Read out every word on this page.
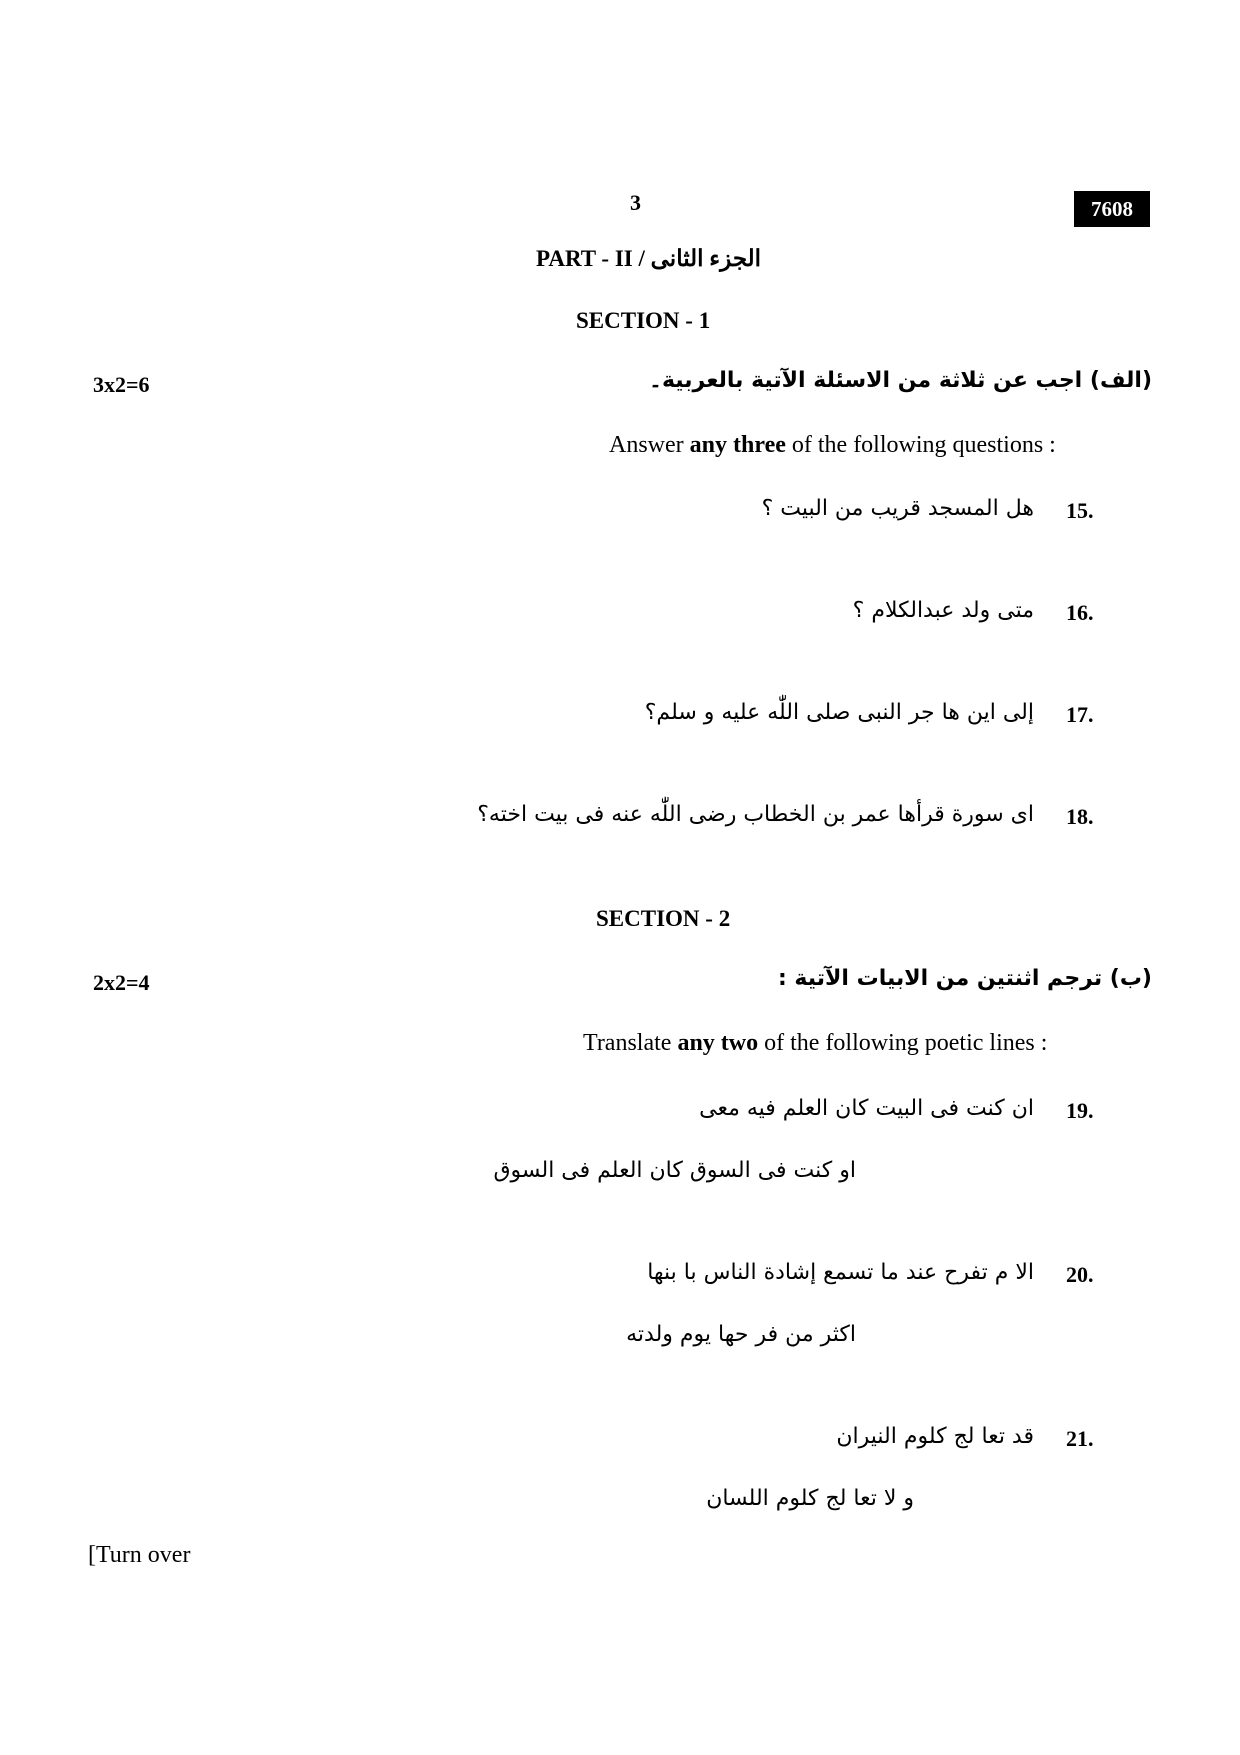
3	7608
PART - II / الجزء الثانى
SECTION - 1
(الف) اجب عن ثلاثة من الاسئلة الآتية بالعربية۔
3x2=6
Answer any three of the following questions :
15.
هل المسجد قريب من البيت ؟
16.
متى ولد عبدالكلام ؟
17.
إلى اين ها جر النبى صلى اللّٰه عليه و سلم؟
18.
اى سورة قرأها عمر بن الخطاب رضى اللّٰه عنه فى بيت اخته؟
SECTION - 2
(ب) ترجم اثنتين من الابيات الآتية :
2x2=4
Translate any two of the following poetic lines :
19.
ان كنت فى البيت كان العلم فيه معى
او كنت فى السوق كان العلم فى السوق
20.
الا م تفرح عند ما تسمع إشادة الناس با بنها
اكثر من فر حها يوم ولدته
21.
قد تعا لج كلوم النيران
و لا تعا لج كلوم اللسان
[Turn over
